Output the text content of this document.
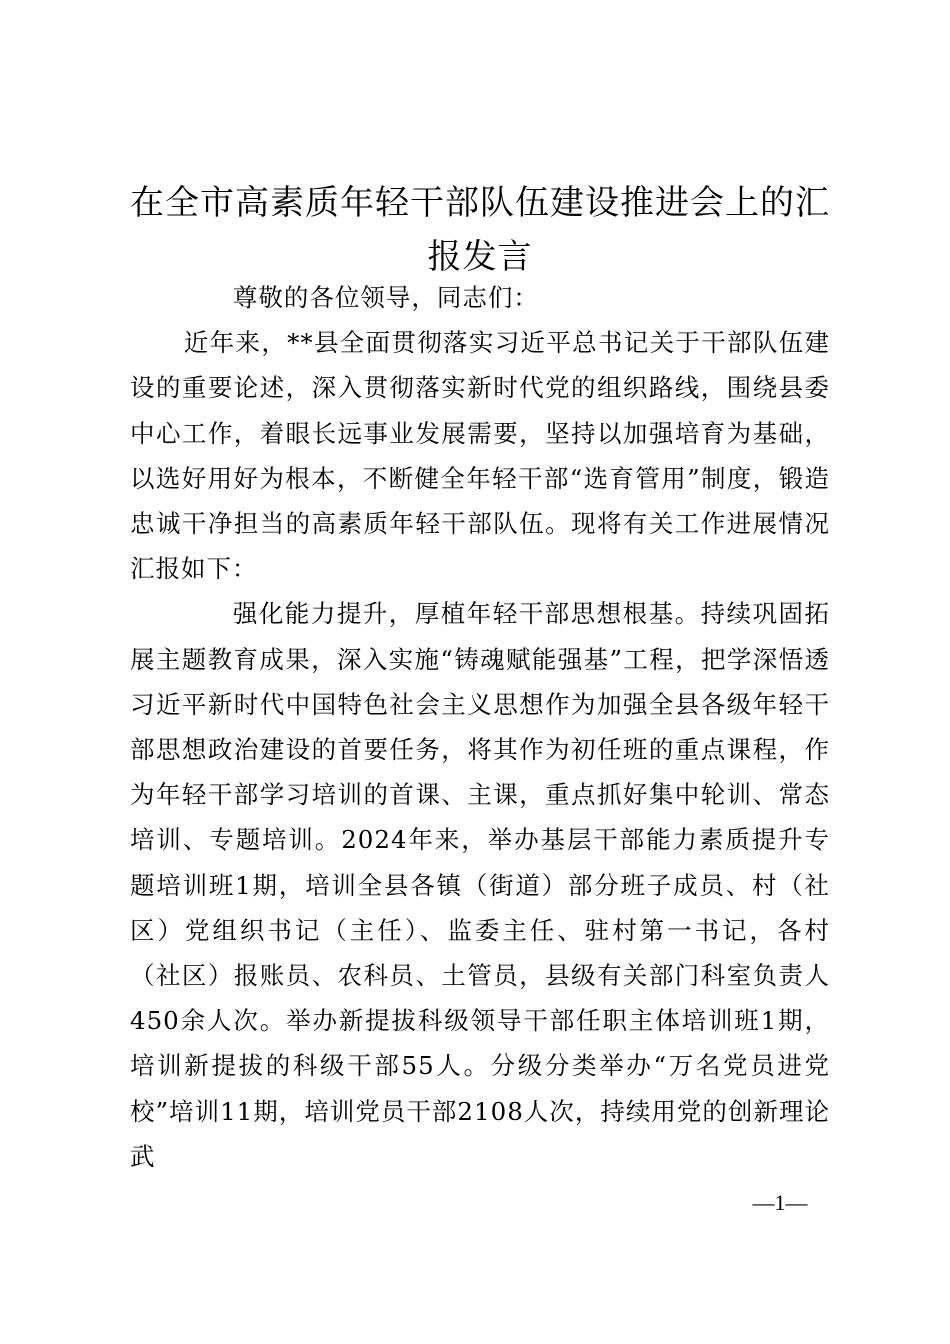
在全市高素质年轻干部队伍建设推进会上的汇报发言

尊敬的各位领导，同志们：

近年来，**县全面贯彻落实习近平总书记关于干部队伍建设的重要论述，深入贯彻落实新时代党的组织路线，围绕县委中心工作，着眼长远事业发展需要，坚持以加强培育为基础，以选好用好为根本，不断健全年轻干部“选育管用”制度，锻造忠诚干净担当的高素质年轻干部队伍。现将有关工作进展情况汇报如下：

强化能力提升，厚植年轻干部思想根基。持续巩固拓展主题教育成果，深入实施“铸魂赋能强基”工程，把学深悟透习近平新时代中国特色社会主义思想作为加强全县各级年轻干部思想政治建设的首要任务，将其作为初任班的重点课程，作为年轻干部学习培训的首课、主课，重点抓好集中轮训、常态培训、专题培训。2024年来，举办基层干部能力素质提升专题培训班1期，培训全县各镇（街道）部分班子成员、村（社区）党组织书记（主任）、监委主任、驻村第一书记，各村（社区）报账员、农科员、土管员，县级有关部门科室负责人450余人次。举办新提拔科级领导干部任职主体培训班1期，培训新提拔的科级干部55人。分级分类举办“万名党员进党校”培训11期，培训党员干部2108人次，持续用党的创新理论武

—1—
